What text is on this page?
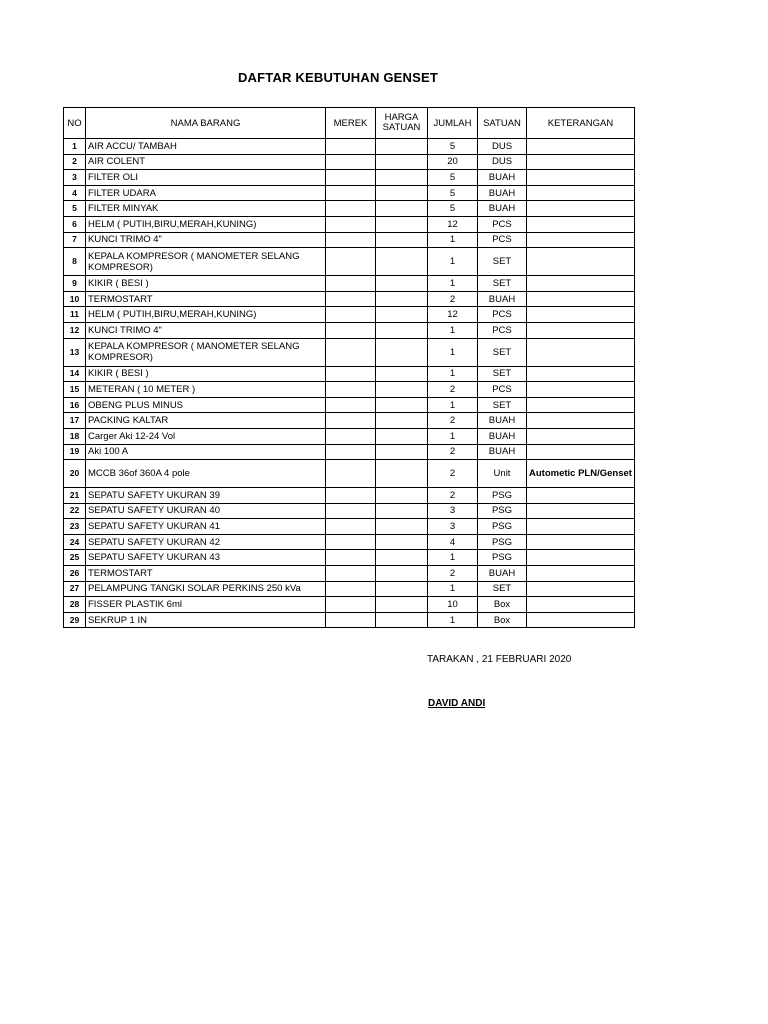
DAFTAR KEBUTUHAN GENSET
NO	NAMA BARANG	MEREK	HARGA SATUAN	JUMLAH	SATUAN	KETERANGAN
1	AIR ACCU/ TAMBAH			5	DUS	
2	AIR COLENT			20	DUS	
3	FILTER OLI			5	BUAH	
4	FILTER UDARA			5	BUAH	
5	FILTER MINYAK			5	BUAH	
6	HELM ( PUTIH,BIRU,MERAH,KUNING)			12	PCS	
7	KUNCI TRIMO 4"			1	PCS	
8	KEPALA KOMPRESOR ( MANOMETER SELANG KOMPRESOR)			1	SET	
9	KIKIR ( BESI )			1	SET	
10	TERMOSTART			2	BUAH	
11	HELM ( PUTIH,BIRU,MERAH,KUNING)			12	PCS	
12	KUNCI TRIMO 4"			1	PCS	
13	KEPALA KOMPRESOR ( MANOMETER SELANG KOMPRESOR)			1	SET	
14	KIKIR ( BESI )			1	SET	
15	METERAN ( 10 METER )			2	PCS	
16	OBENG PLUS MINUS			1	SET	
17	PACKING KALTAR			2	BUAH	
18	Carger Aki 12-24 Vol			1	BUAH	
19	Aki 100 A			2	BUAH	
20	MCCB 36of 360A 4 pole			2	Unit	Autometic PLN/Genset
21	SEPATU SAFETY UKURAN 39			2	PSG	
22	SEPATU SAFETY UKURAN 40			3	PSG	
23	SEPATU SAFETY UKURAN 41			3	PSG	
24	SEPATU SAFETY UKURAN 42			4	PSG	
25	SEPATU SAFETY UKURAN 43			1	PSG	
26	TERMOSTART			2	BUAH	
27	PELAMPUNG TANGKI SOLAR PERKINS 250 kVa			1	SET	
28	FISSER PLASTIK 6ml			10	Box	
29	SEKRUP 1 IN			1	Box	
TARAKAN , 21 FEBRUARI 2020
DAVID ANDI
